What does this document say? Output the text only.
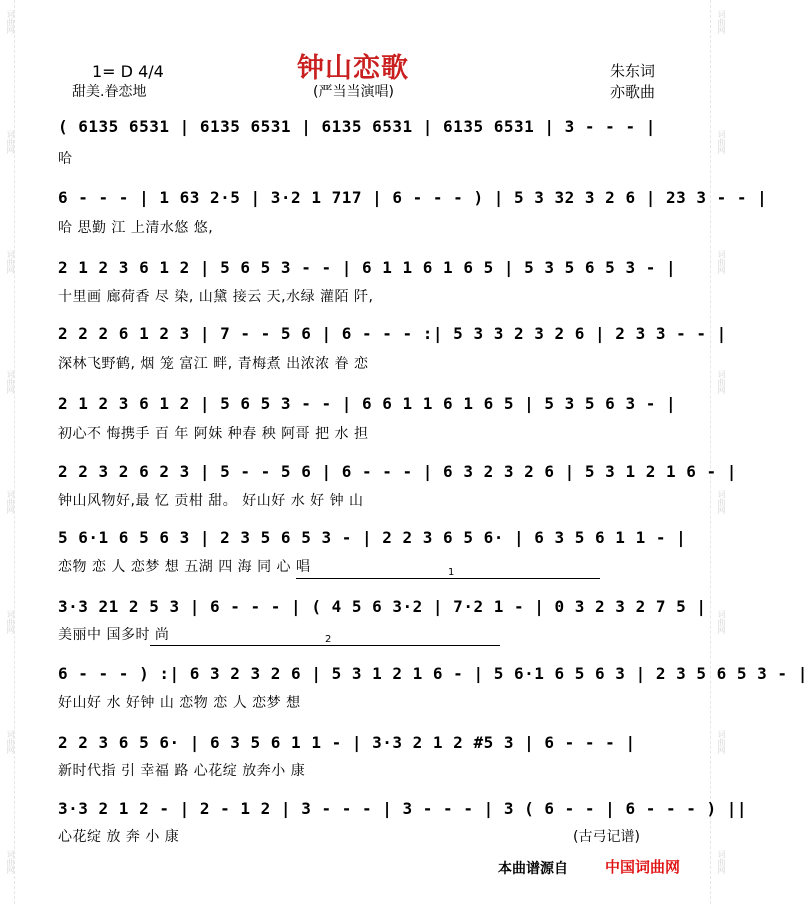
词曲网
词曲网
词曲网
词曲网
词曲网
词曲网
词曲网
词曲网
词曲网
词曲网
词曲网
词曲网
词曲网
词曲网
词曲网
词曲网
钟山恋歌
(严当当演唱)
1= D 4/4
甜美.眷恋地
朱东词
亦歌曲
( 6135 6531 | 6135 6531 | 6135 6531 | 6135 6531 | 3 - - - |
哈
6 - - - | 1 63 2·5 | 3·2 1 717 | 6 - - - ) | 5 3 32 3 2 6 | 23 3 - - |
哈 思勤 江 上清水悠 悠,
2 1 2 3 6 1 2 | 5 6 5 3 - - | 6 1 1 6 1 6 5 | 5 3 5 6 5 3 - |
十里画 廊荷香 尽 染, 山黛 接云 天,水绿 灌陌 阡,
2 2 2 6 1 2 3 | 7 - - 5 6 | 6 - - - :| 5 3 3 2 3 2 6 | 2 3 3 - - |
深林飞野鹤, 烟 笼 富江 畔, 青梅煮 出浓浓 眷 恋
2 1 2 3 6 1 2 | 5 6 5 3 - - | 6 6 1 1 6 1 6 5 | 5 3 5 6 3 - |
初心不 悔携手 百 年 阿妹 种春 秧 阿哥 把 水 担
2 2 3 2 6 2 3 | 5 - - 5 6 | 6 - - - | 6 3 2 3 2 6 | 5 3 1 2 1 6 - |
钟山风物好,最 忆 贡柑 甜。 好山好 水 好 钟 山
5 6·1 6 5 6 3 | 2 3 5 6 5 3 - | 2 2 3 6 5 6· | 6 3 5 6 1 1 - |
恋物 恋 人 恋梦 想 五湖 四 海 同 心 唱	1
3·3 21 2 5 3 | 6 - - - | ( 4 5 6 3·2 | 7·2 1 - | 0 3 2 3 2 7 5 |
美丽中 国多时 尚	2
6 - - - ) :| 6 3 2 3 2 6 | 5 3 1 2 1 6 - | 5 6·1 6 5 6 3 | 2 3 5 6 5 3 - |
好山好 水 好钟 山 恋物 恋 人 恋梦 想
2 2 3 6 5 6· | 6 3 5 6 1 1 - | 3·3 2 1 2 #5 3 | 6 - - - |
新时代指 引 幸福 路 心花绽 放奔小 康
3·3 2 1 2 - | 2 - 1 2 | 3 - - - | 3 - - - | 3 ( 6 - - | 6 - - - ) ||
心花绽 放 奔 小 康	(古弓记谱)
本曲谱源自 中国词曲网
